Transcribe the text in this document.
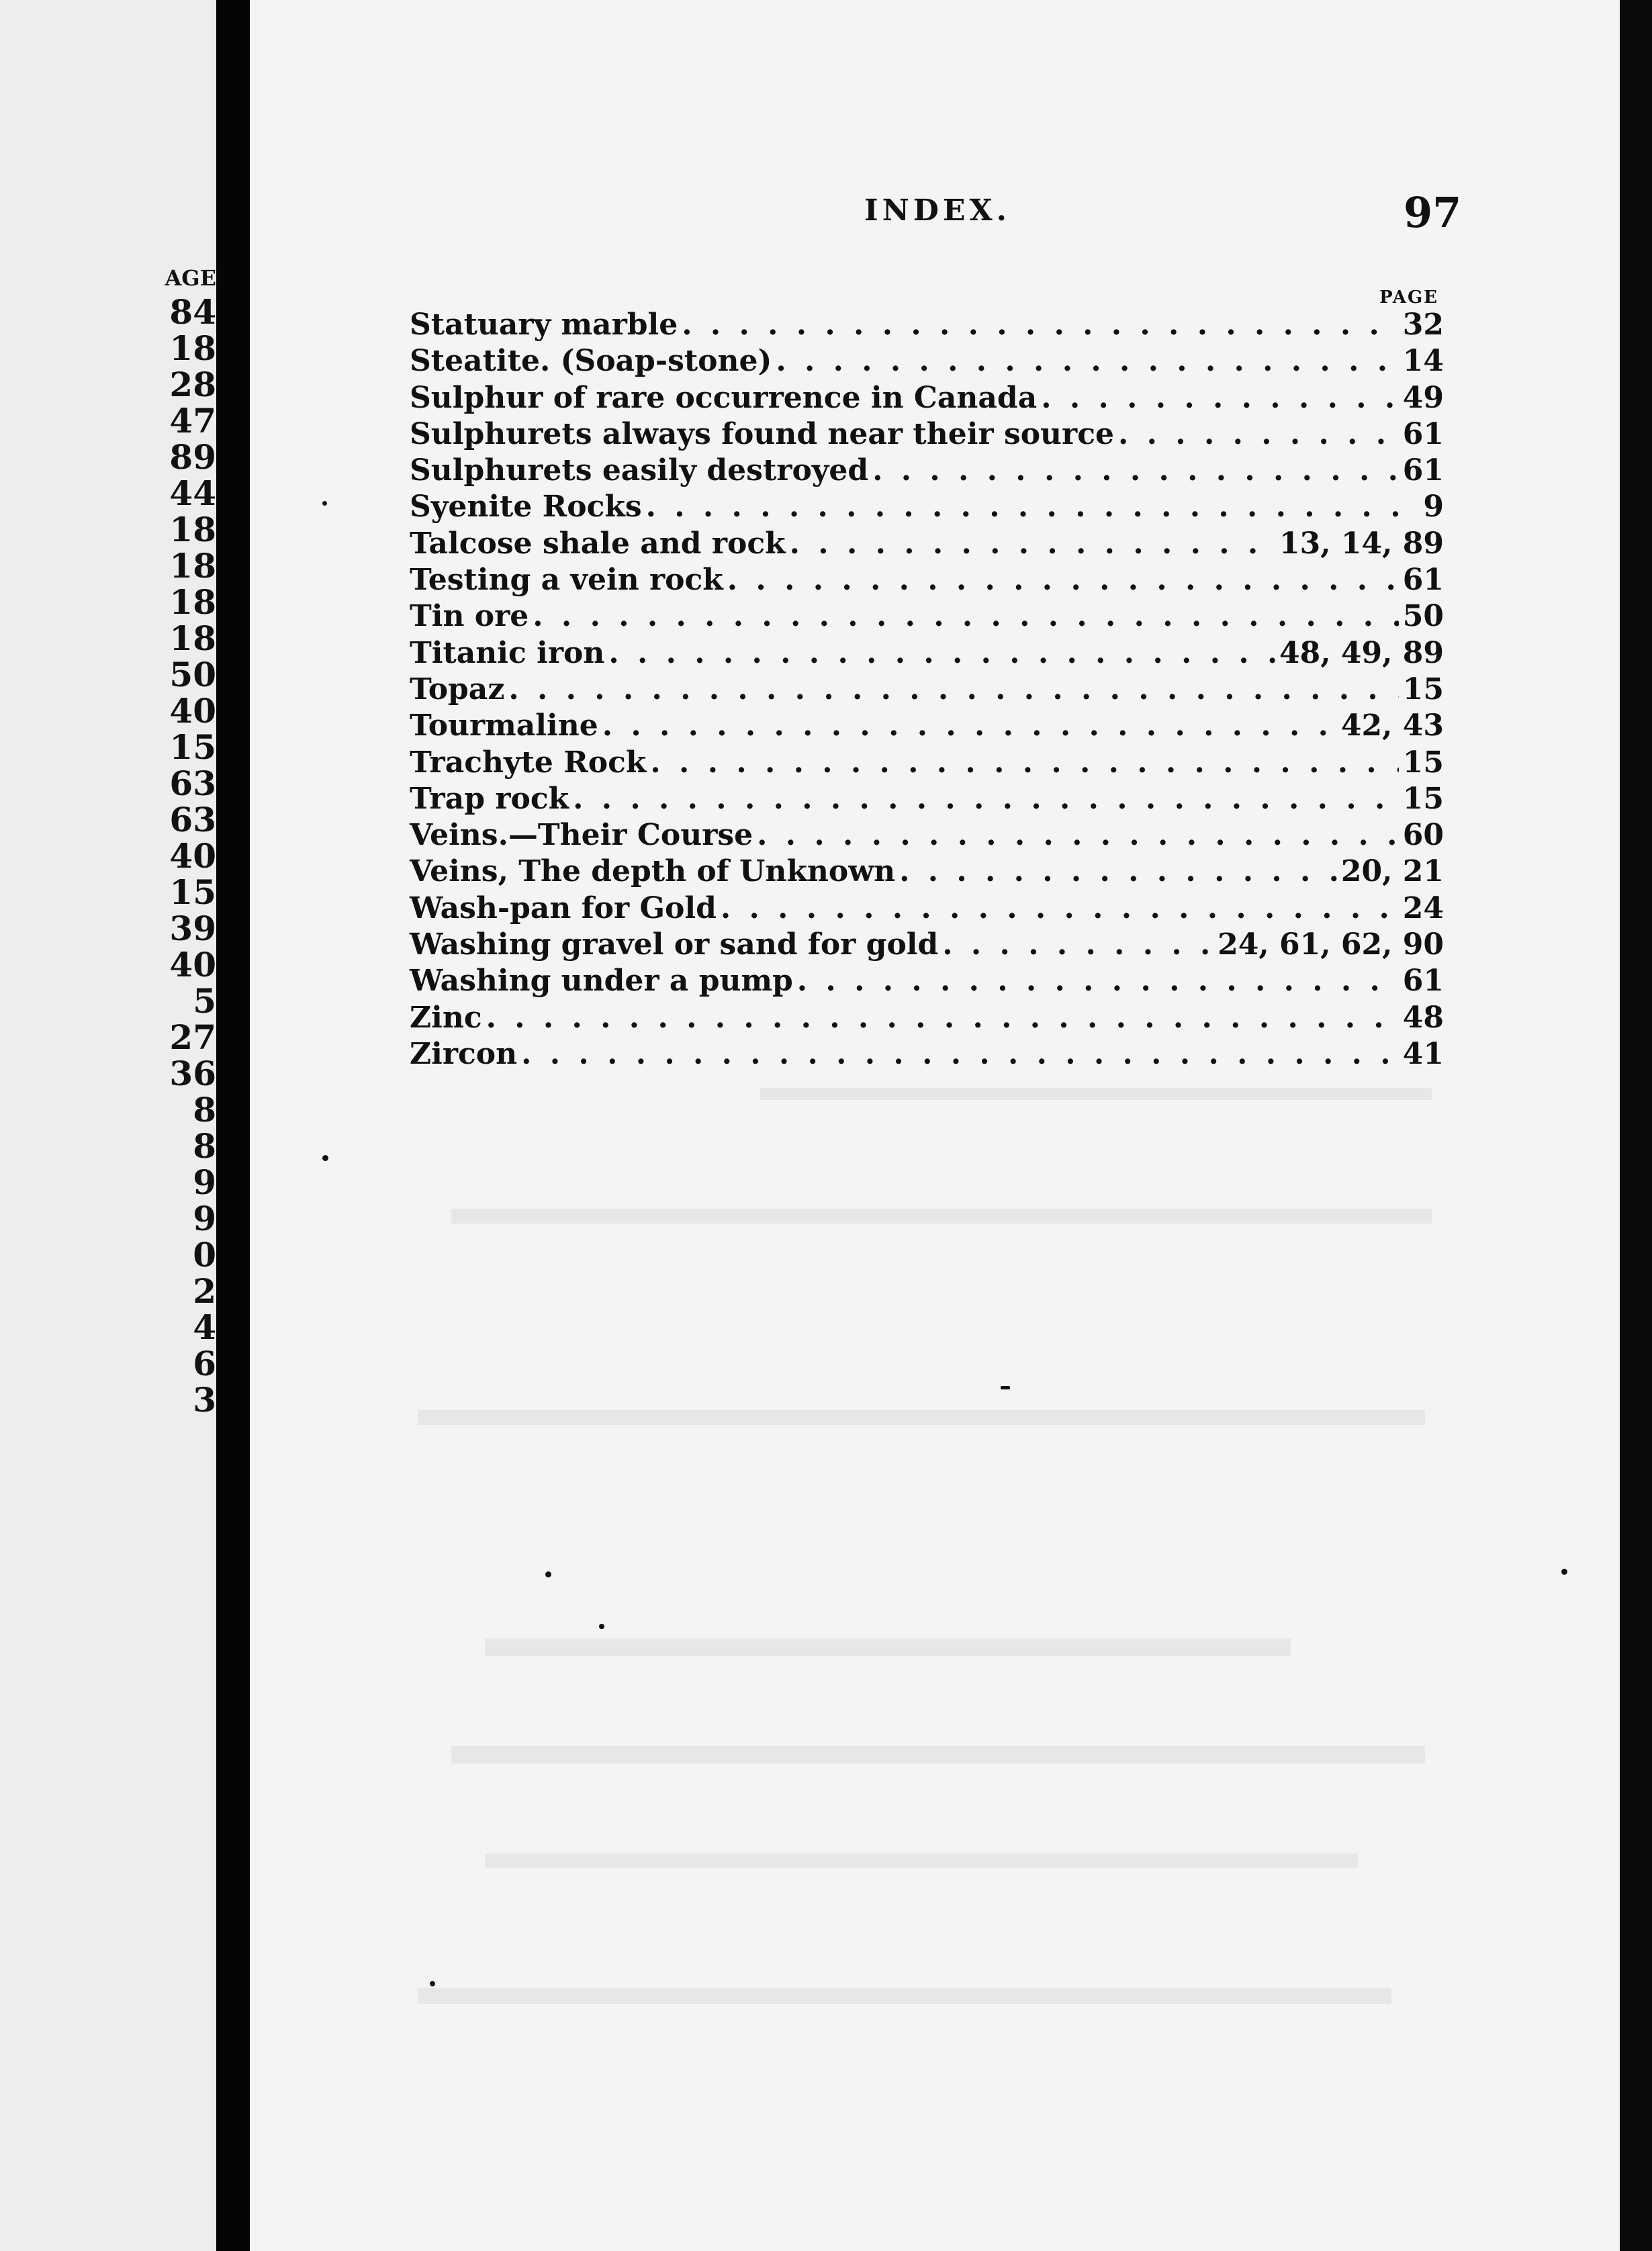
AGE
84
18
28
47
89
44
18
18
18
18
50
40
15
63
63
40
15
39
40
5
27
36
8
8
9
9
0
2
4
6
3
INDEX.	97
PAGE
Statuary marble . . .	32
Steatite. (Soap-stone) . . .	14
Sulphur of rare occurrence in Canada . . .	49
Sulphurets always found near their source . . .	61
Sulphurets easily destroyed . . .	61
Syenite Rocks . . .	9
Talcose shale and rock . . .	13, 14, 89
Testing a vein rock . . .	61
Tin ore . . .	50
Titanic iron . . .	48, 49, 89
Topaz . . .	15
Tourmaline . . .	42, 43
Trachyte Rock . . .	15
Trap rock . . .	15
Veins.—Their Course . . .	60
Veins, The depth of Unknown . . .	20, 21
Wash-pan for Gold . . .	24
Washing gravel or sand for gold . . .	24, 61, 62, 90
Washing under a pump . . .	61
Zinc . . .	48
Zircon . . .	41
